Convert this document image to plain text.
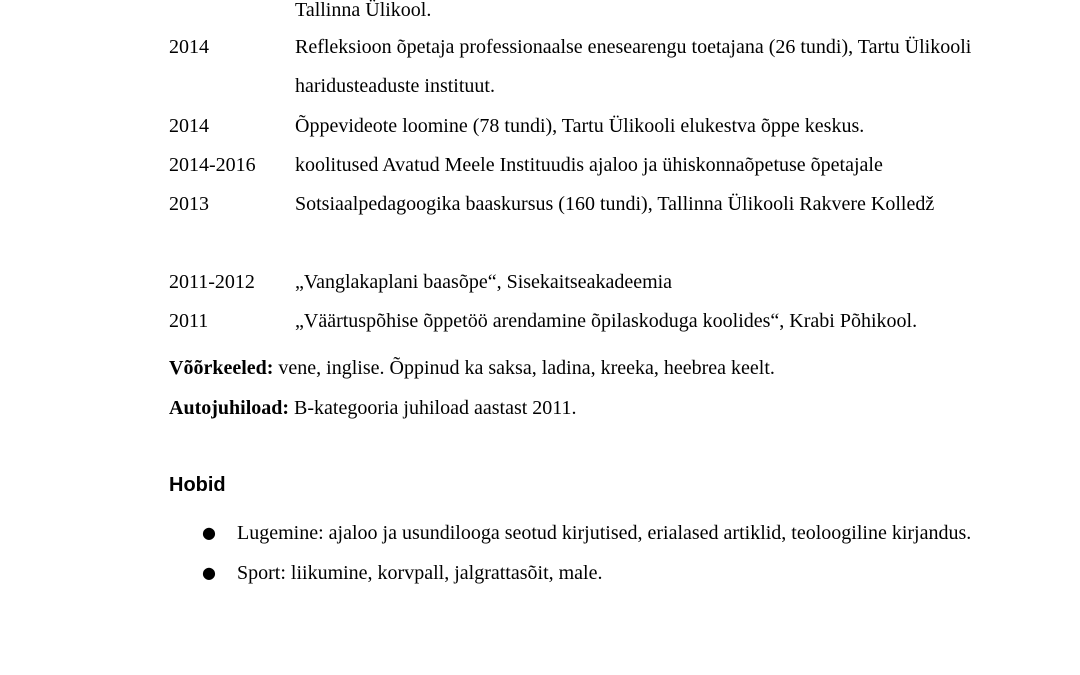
Tallinna Ülikool.
2014	Refleksioon õpetaja professionaalse enesearengu toetajana (26 tundi), Tartu Ülikooli haridusteaduste instituut.
2014	Õppevideote loomine (78 tundi), Tartu Ülikooli elukestva õppe keskus.
2014-2016 koolitused Avatud Meele Instituudis ajaloo ja ühiskonnaõpetuse õpetajale
2013	Sotsiaalpedagoogika baaskursus (160 tundi), Tallinna Ülikooli Rakvere Kolledž
2011-2012 „Vanglakaplani baasõpe“, Sisekaitseakadeemia
2011	„Väärtuspõhise õppetöö arendamine õpilaskoduga koolides“, Krabi Põhikool.
Võõrkeeled: vene, inglise. Õppinud ka saksa, ladina, kreeka, heebrea keelt.
Autojuhiload: B-kategooria juhiload aastast 2011.
Hobid
● Lugemine: ajaloo ja usundilooga seotud kirjutised, erialased artiklid, teoloogiline kirjandus.
● Sport: liikumine, korvpall, jalgrattasõit, male.
